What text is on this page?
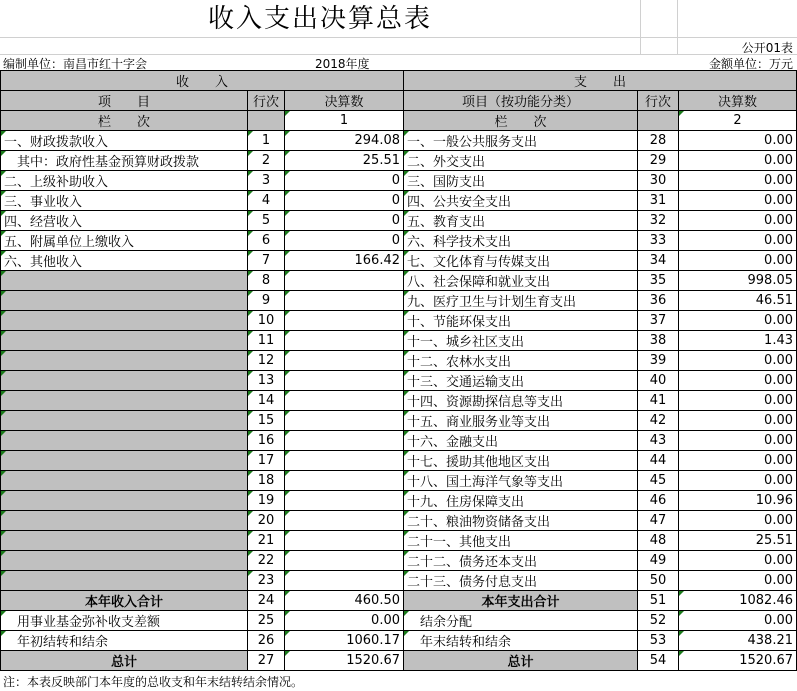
收入支出决算总表
公开01表
编制单位：南昌市红十字会	2018年度	金额单位：万元
收　　入			支　　出		
项　　目	行次	决算数	项目（按功能分类）	行次	决算数
栏　　次		1	栏　　次		2
一、财政拨款收入	1	294.08	一、一般公共服务支出	28	0.00
　其中：政府性基金预算财政拨款	2	25.51	二、外交支出	29	0.00
二、上级补助收入	3	0	三、国防支出	30	0.00
三、事业收入	4	0	四、公共安全支出	31	0.00
四、经营收入	5	0	五、教育支出	32	0.00
五、附属单位上缴收入	6	0	六、科学技术支出	33	0.00
六、其他收入	7	166.42	七、文化体育与传媒支出	34	0.00
	8		八、社会保障和就业支出	35	998.05
	9		九、医疗卫生与计划生育支出	36	46.51
	10		十、节能环保支出	37	0.00
	11		十一、城乡社区支出	38	1.43
	12		十二、农林水支出	39	0.00
	13		十三、交通运输支出	40	0.00
	14		十四、资源勘探信息等支出	41	0.00
	15		十五、商业服务业等支出	42	0.00
	16		十六、金融支出	43	0.00
	17		十七、援助其他地区支出	44	0.00
	18		十八、国土海洋气象等支出	45	0.00
	19		十九、住房保障支出	46	10.96
	20		二十、粮油物资储备支出	47	0.00
	21		二十一、其他支出	48	25.51
	22		二十二、债务还本支出	49	0.00
	23		二十三、债务付息支出	50	0.00
本年收入合计	24	460.50	本年支出合计	51	1082.46
　用事业基金弥补收支差额	25	0.00	　结余分配	52	0.00
　年初结转和结余	26	1060.17	　年末结转和结余	53	438.21
总计	27	1520.67	总计	54	1520.67
注：本表反映部门本年度的总收支和年末结转结余情况。
